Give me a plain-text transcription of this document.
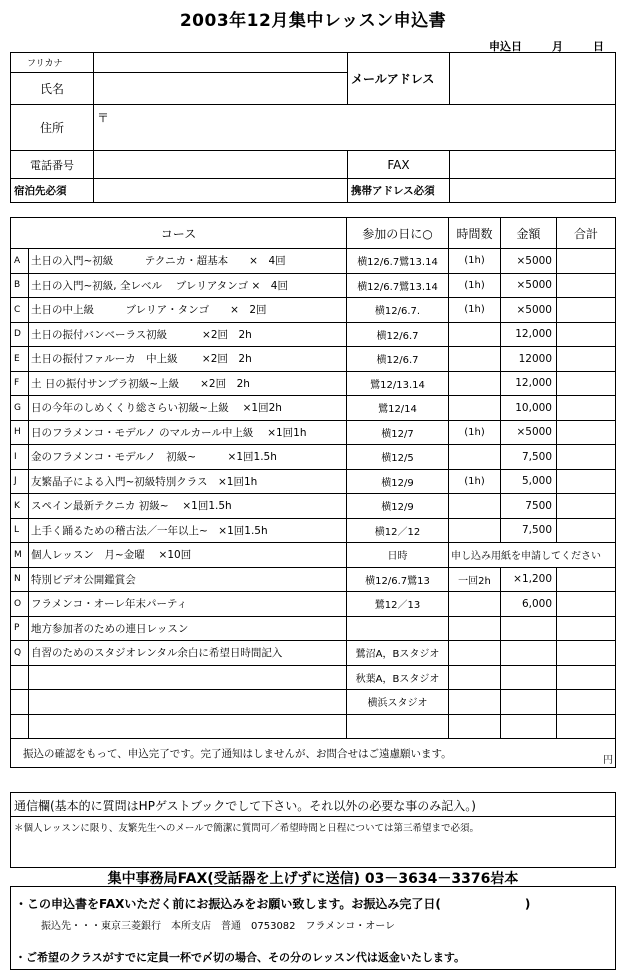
2003年12月集中レッスン申込書
申込日	月	日
フリカナ		メールアドレス	
氏名			
住所	〒		
電話番号		FAX	
宿泊先必須		携帯アドレス必須	
コース		参加の日に○	時間数	金額	合計
A	土日の入門~初級　　　テクニカ・超基本　　×　4回	横12/6.7鷺13.14	(1h)	×5000	
B	土日の入門~初級, 全レベル　 ブレリアタンゴ ×　4回	横12/6.7鷺13.14	(1h)	×5000	
C	土日の中上級　　　ブレリア・タンゴ　　×　2回	横12/6.7.	(1h)	×5000	
D	土日の振付バンベーラス初級　　　 ×2回　2h	横12/6.7		12,000	
E	土日の振付ファルーカ　中上級　　 ×2回　2h	横12/6.7		12000	
F	土 日の振付サンブラ初級~上級　　×2回　2h	鷺12/13.14		12,000	
G	日の今年のしめくくり総さらい初級~上級　 ×1回2h	鷺12/14		10,000	
H	日のフラメンコ・モデルノ のマルカール中上級　 ×1回1h	横12/7	(1h)	×5000	
I	金のフラメンコ・モデルノ　初級~　　　×1回1.5h	横12/5		7,500	
J	友繁晶子による入門~初級特別クラス　×1回1h	横12/9	(1h)	5,000	
K	スペイン最新テクニカ 初級~　 ×1回1.5h	横12/9		7500	
L	上手く踊るための稽古法／一年以上~　×1回1.5h	横12／12		7,500	
M	個人レッスン　月~金曜　 ×10回	日時	申し込み用紙を申請してください		
N	特別ビデオ公開鑑賞会	横12/6.7鷺13	一回2h	×1,200	
O	フラメンコ・オーレ年末パーティ	鷺12／13		6,000	
P	地方参加者のための連日レッスン				
Q	自習のためのスタジオレンタル余白に希望日時間記入	鷺沼A，Bスタジオ			
		秋葉A，Bスタジオ			
		横浜スタジオ			

振込の確認をもって、申込完了です。完了通知はしませんが、お問合せはご遠慮願います。
円					
通信欄(基本的に質問はHPゲストブックでして下さい。それ以外の必要な事のみ記入。)
＊個人レッスンに限り、友繁先生へのメールで簡潔に質問可／希望時間と日程については第三希望まで必須。
集中事務局FAX(受話器を上げずに送信) 03－3634－3376岩本
・この申込書をFAXいただく前にお振込みをお願い致します。お振込み完了日(　　　　　　　)
振込先・・・東京三菱銀行　本所支店　普通　0753082　フラメンコ・オーレ
・ご希望のクラスがすでに定員一杯で〆切の場合、その分のレッスン代は返金いたします。
